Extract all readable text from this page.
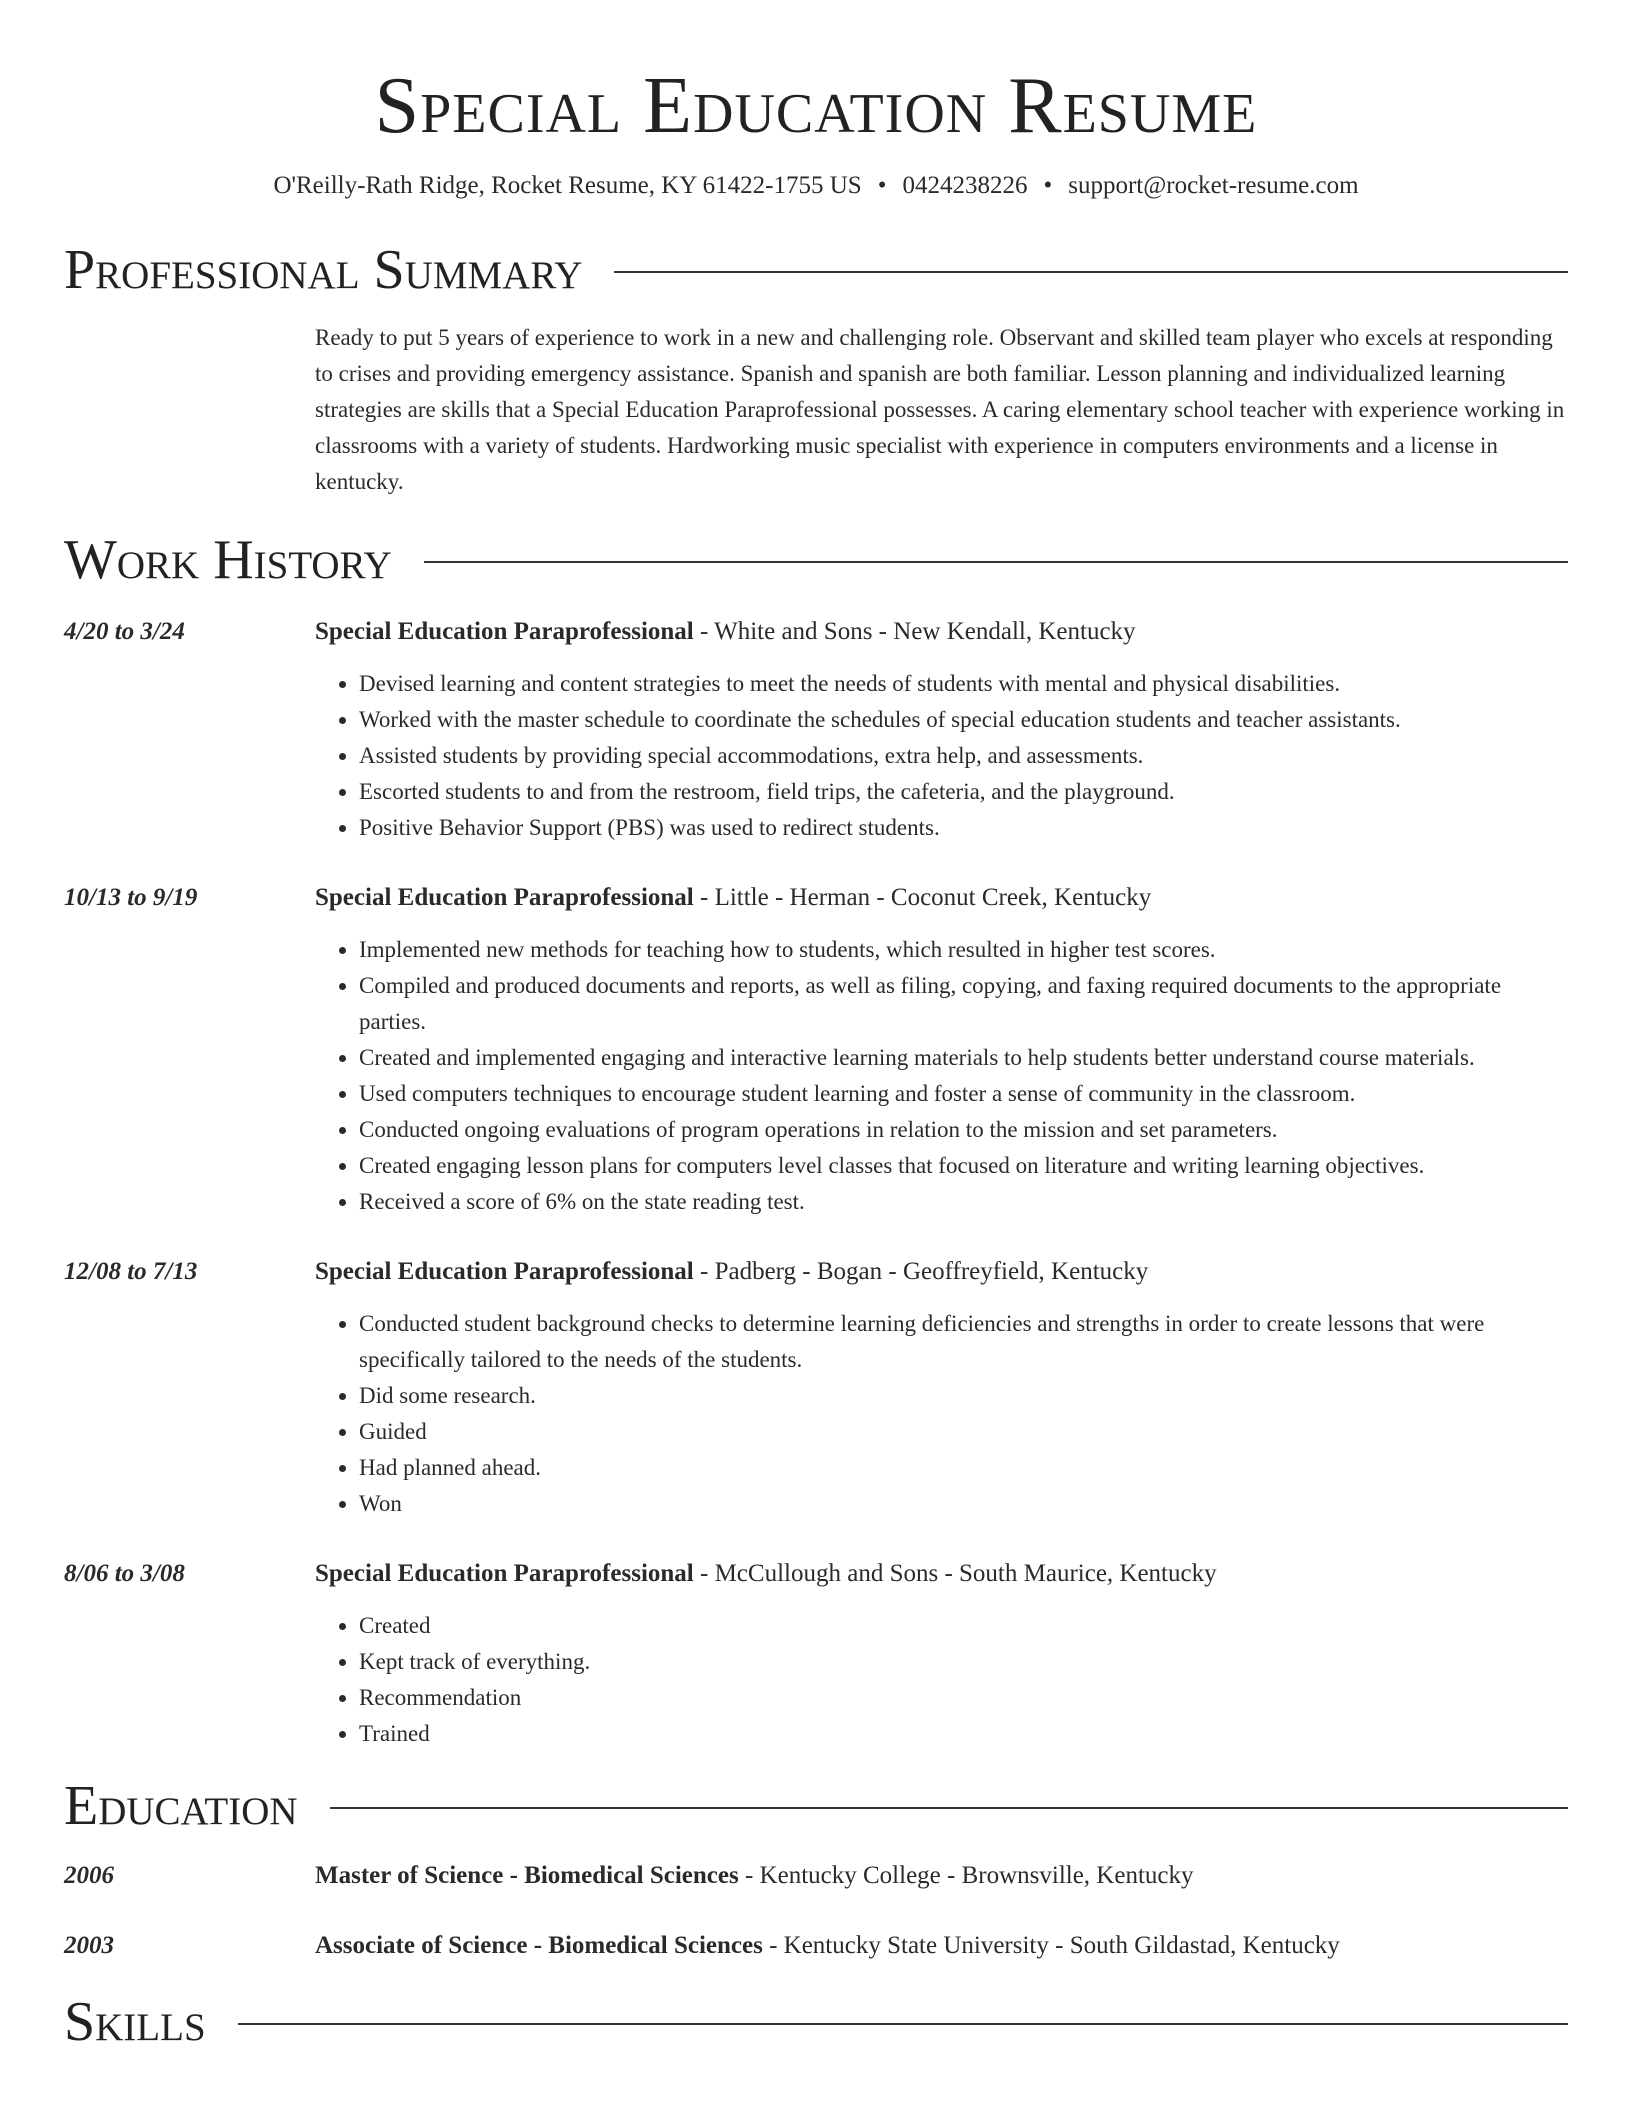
Special Education Resume
O'Reilly-Rath Ridge, Rocket Resume, KY 61422-1755 US • 0424238226 • support@rocket-resume.com
Professional Summary
Ready to put 5 years of experience to work in a new and challenging role. Observant and skilled team player who excels at responding to crises and providing emergency assistance. Spanish and spanish are both familiar. Lesson planning and individualized learning strategies are skills that a Special Education Paraprofessional possesses. A caring elementary school teacher with experience working in classrooms with a variety of students. Hardworking music specialist with experience in computers environments and a license in kentucky.
Work History
4/20 to 3/24	Special Education Paraprofessional - White and Sons - New Kendall, Kentucky
• Devised learning and content strategies to meet the needs of students with mental and physical disabilities.
• Worked with the master schedule to coordinate the schedules of special education students and teacher assistants.
• Assisted students by providing special accommodations, extra help, and assessments.
• Escorted students to and from the restroom, field trips, the cafeteria, and the playground.
• Positive Behavior Support (PBS) was used to redirect students.
10/13 to 9/19	Special Education Paraprofessional - Little - Herman - Coconut Creek, Kentucky
• Implemented new methods for teaching how to students, which resulted in higher test scores.
• Compiled and produced documents and reports, as well as filing, copying, and faxing required documents to the appropriate parties.
• Created and implemented engaging and interactive learning materials to help students better understand course materials.
• Used computers techniques to encourage student learning and foster a sense of community in the classroom.
• Conducted ongoing evaluations of program operations in relation to the mission and set parameters.
• Created engaging lesson plans for computers level classes that focused on literature and writing learning objectives.
• Received a score of 6% on the state reading test.
12/08 to 7/13	Special Education Paraprofessional - Padberg - Bogan - Geoffreyfield, Kentucky
• Conducted student background checks to determine learning deficiencies and strengths in order to create lessons that were specifically tailored to the needs of the students.
• Did some research.
• Guided
• Had planned ahead.
• Won
8/06 to 3/08	Special Education Paraprofessional - McCullough and Sons - South Maurice, Kentucky
• Created
• Kept track of everything.
• Recommendation
• Trained
Education
2006	Master of Science - Biomedical Sciences - Kentucky College - Brownsville, Kentucky
2003	Associate of Science - Biomedical Sciences - Kentucky State University - South Gildastad, Kentucky
Skills
